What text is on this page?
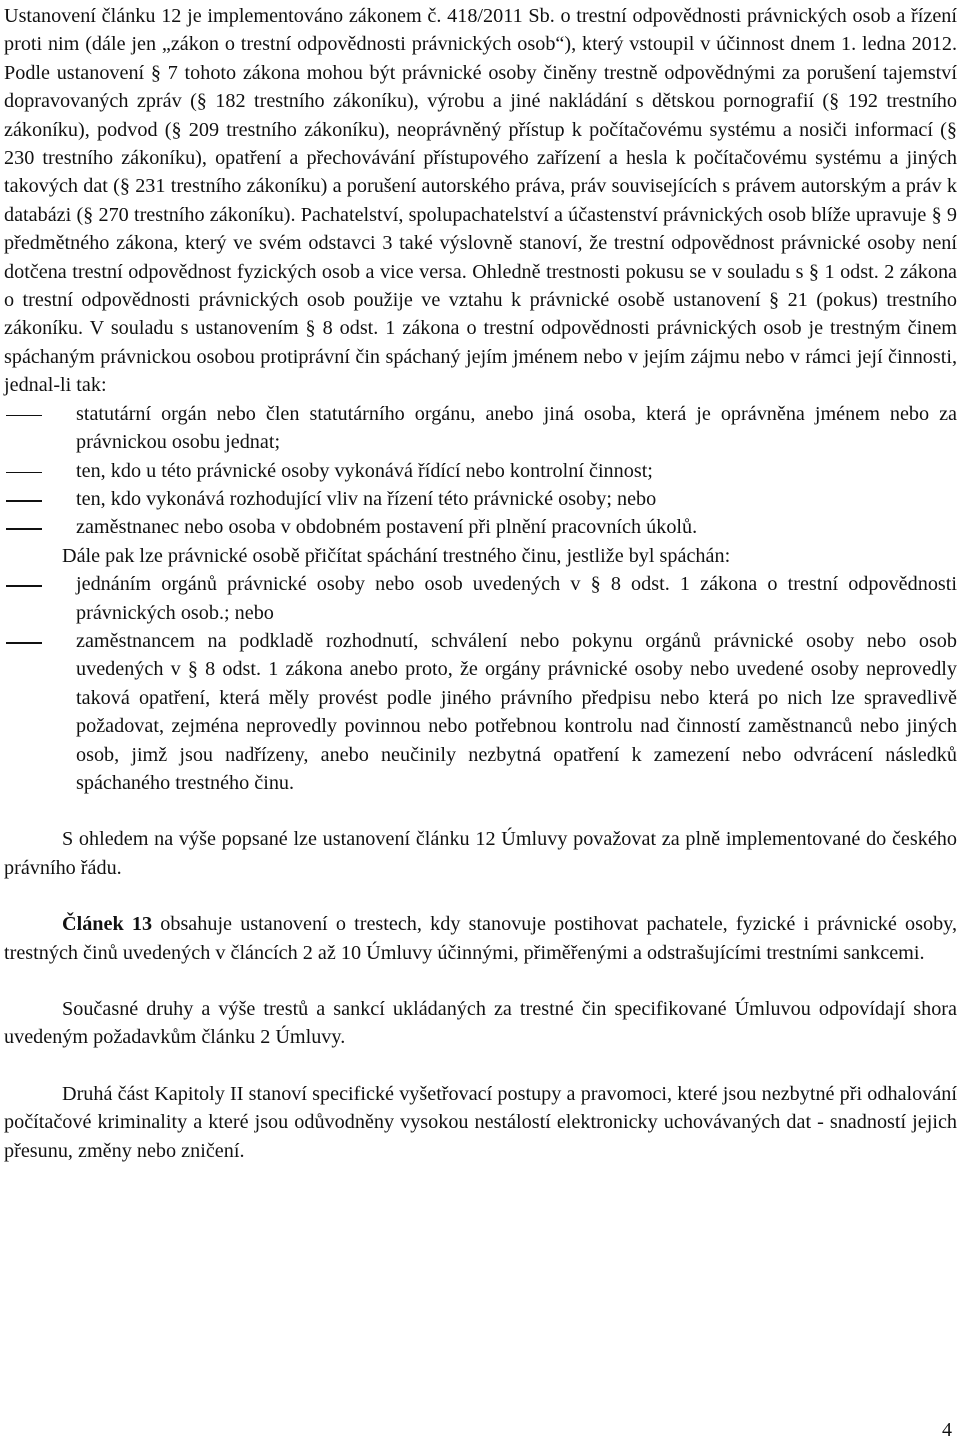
Ustanovení článku 12 je implementováno zákonem č. 418/2011 Sb. o trestní odpovědnosti právnických osob a řízení proti nim (dále jen „zákon o trestní odpovědnosti právnických osob“), který vstoupil v účinnost dnem 1. ledna 2012. Podle ustanovení § 7 tohoto zákona mohou být právnické osoby činěny trestně odpovědnými za porušení tajemství dopravovaných zpráv (§ 182 trestního zákoníku), výrobu a jiné nakládání s dětskou pornografií (§ 192 trestního zákoníku), podvod (§ 209 trestního zákoníku), neoprávněný přístup k počítačovému systému a nosiči informací (§ 230 trestního zákoníku), opatření a přechovávání přístupového zařízení a hesla k počítačovému systému a jiných takových dat (§ 231 trestního zákoníku) a porušení autorského práva, práv souvisejících s právem autorským a práv k databázi (§ 270 trestního zákoníku). Pachatelství, spolupachatelství a účastenství právnických osob blíže upravuje § 9 předmětného zákona, který ve svém odstavci 3 také výslovně stanoví, že trestní odpovědnost právnické osoby není dotčena trestní odpovědnost fyzických osob a vice versa. Ohledně trestnosti pokusu se v souladu s § 1 odst. 2 zákona o trestní odpovědnosti právnických osob použije ve vztahu k právnické osobě ustanovení § 21 (pokus) trestního zákoníku. V souladu s ustanovením § 8 odst. 1 zákona o trestní odpovědnosti právnických osob je trestným činem spáchaným právnickou osobou protiprávní čin spáchaný jejím jménem nebo v jejím zájmu nebo v rámci její činnosti, jednal-li tak:

statutární orgán nebo člen statutárního orgánu, anebo jiná osoba, která je oprávněna jménem nebo za právnickou osobu jednat;
ten, kdo u této právnické osoby vykonává řídící nebo kontrolní činnost;
ten, kdo vykonává rozhodující vliv na řízení této právnické osoby; nebo
zaměstnanec nebo osoba v obdobném postavení při plnění pracovních úkolů.

Dále pak lze právnické osobě přičítat spáchání trestného činu, jestliže byl spáchán:

jednáním orgánů právnické osoby nebo osob uvedených v § 8 odst. 1 zákona o trestní odpovědnosti právnických osob.; nebo
zaměstnancem na podkladě rozhodnutí, schválení nebo pokynu orgánů právnické osoby nebo osob uvedených v § 8 odst. 1 zákona anebo proto, že orgány právnické osoby nebo uvedené osoby neprovedly taková opatření, která měly provést podle jiného právního předpisu nebo která po nich lze spravedlivě požadovat, zejména neprovedly povinnou nebo potřebnou kontrolu nad činností zaměstnanců nebo jiných osob, jimž jsou nadřízeny, anebo neučinily nezbytná opatření k zamezení nebo odvrácení následků spáchaného trestného činu.

S ohledem na výše popsané lze ustanovení článku 12 Úmluvy považovat za plně implementované do českého právního řádu.

Článek 13 obsahuje ustanovení o trestech, kdy stanovuje postihovat pachatele, fyzické i právnické osoby, trestných činů uvedených v článcích 2 až 10 Úmluvy účinnými, přiměřenými a odstrašujícími trestními sankcemi.

Současné druhy a výše trestů a sankcí ukládaných za trestné čin specifikované Úmluvou odpovídají shora uvedeným požadavkům článku 2 Úmluvy.

Druhá část Kapitoly II stanoví specifické vyšetřovací postupy a pravomoci, které jsou nezbytné při odhalování počítačové kriminality a které jsou odůvodněny vysokou nestálostí elektronicky uchovávaných dat - snadností jejich přesunu, změny nebo zničení.

4
